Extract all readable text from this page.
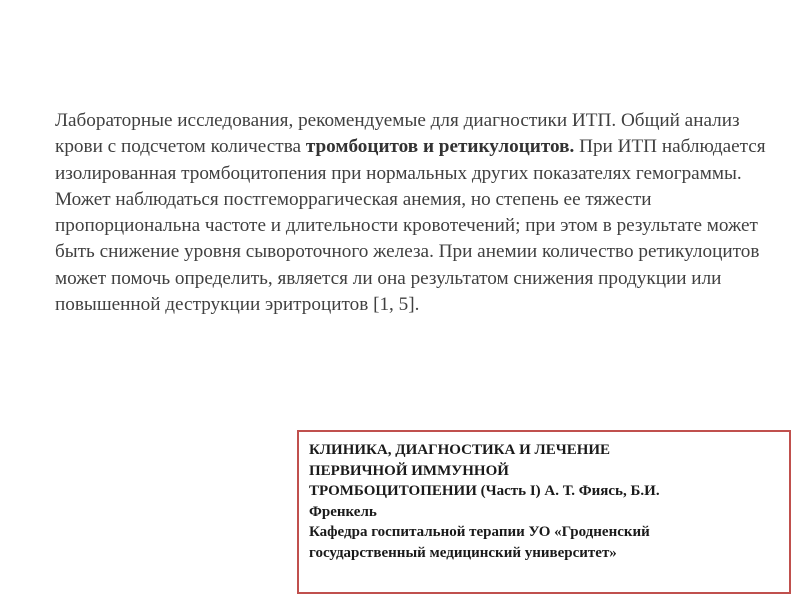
Лабораторные исследования, рекомендуемые для диагностики ИТП. Общий анализ крови с подсчетом количества тромбоцитов и ретикулоцитов. При ИТП наблюдается изолированная тромбоцитопения при нормальных других показателях гемограммы. Может наблюдаться постгеморрагическая анемия, но степень ее тяжести пропорциональна частоте и длительности кровотечений; при этом в результате может быть снижение уровня сывороточного железа. При анемии количество ретикулоцитов может помочь определить, является ли она результатом снижения продукции или повышенной деструкции эритроцитов [1, 5].

КЛИНИКА, ДИАГНОСТИКА И ЛЕЧЕНИЕ
ПЕРВИЧНОЙ ИММУННОЙ
ТРОМБОЦИТОПЕНИИ (Часть I) А. Т. Фиясь, Б.И.
Френкель
Кафедра госпитальной терапии УО «Гродненский
государственный медицинский университет»
